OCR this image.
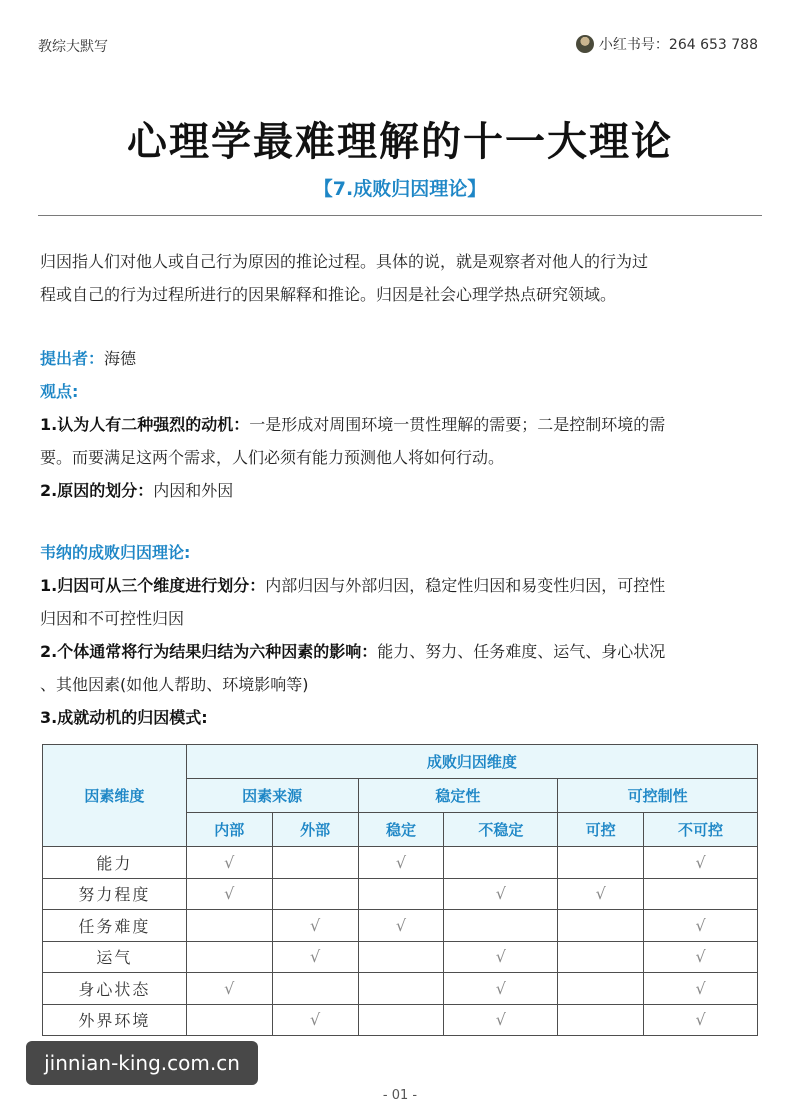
教综大默写	小红书号：264 653 788
心理学最难理解的十一大理论
【7.成败归因理论】
归因指人们对他人或自己行为原因的推论过程。具体的说，就是观察者对他人的行为过
程或自己的行为过程所进行的因果解释和推论。归因是社会心理学热点研究领域。
提出者：海德
观点:
1.认为人有二种强烈的动机：一是形成对周围环境一贯性理解的需要；二是控制环境的需
要。而要满足这两个需求，人们必须有能力预测他人将如何行动。
2.原因的划分：内因和外因
韦纳的成败归因理论:
1.归因可从三个维度进行划分：内部归因与外部归因，稳定性归因和易变性归因，可控性
归因和不可控性归因
2.个体通常将行为结果归结为六种因素的影响：能力、努力、任务难度、运气、身心状况
、其他因素(如他人帮助、环境影响等)
3.成就动机的归因模式:
因素维度	成败归因维度					
	因素来源		稳定性		可控制性	
	内部	外部	稳定	不稳定	可控	不可控
能力	√		√			√
努力程度	√			√	√	
任务难度		√	√			√
运气		√		√		√
身心状态	√			√		√
外界环境		√		√		√
jinnian-king.com.cn
- 01 -
